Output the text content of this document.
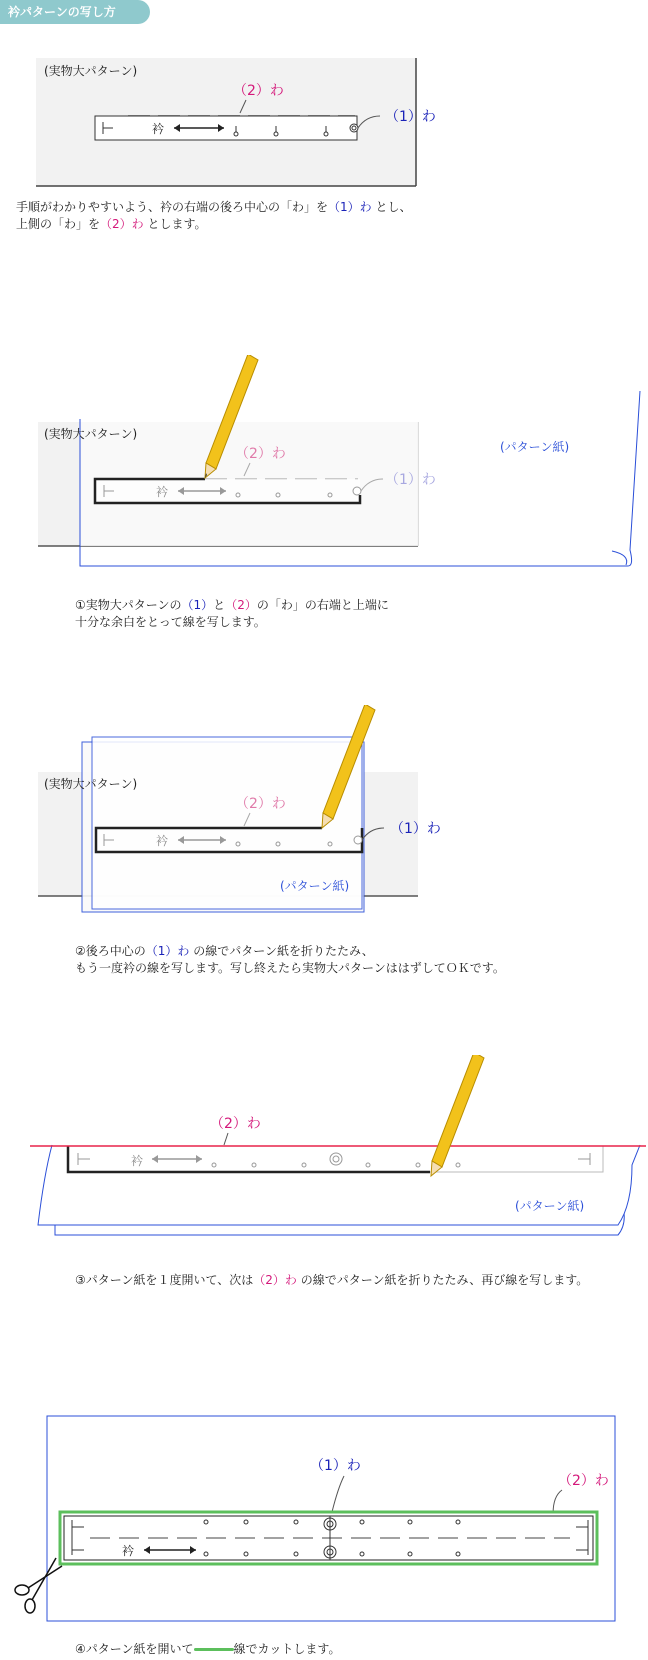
衿パターンの写し方
(実物大パターン)
（2）わ
衿
（1）わ
手順がわかりやすいよう、衿の右端の後ろ中心の「わ」を（1）わ とし、
上側の「わ」を（2）わ とします。
(実物大パターン)
(パターン紙)
（2）わ
衿
（1）わ
①実物大パターンの（1）と（2）の「わ」の右端と上端に
十分な余白をとって線を写します。
(実物大パターン)
(パターン紙)
（2）わ
衿
（1）わ
②後ろ中心の（1）わ の線でパターン紙を折りたたみ、
もう一度衿の線を写します。写し終えたら実物大パターンははずしてＯＫです。
(パターン紙)
（2）わ
衿
③パターン紙を１度開いて、次は（2）わ の線でパターン紙を折りたたみ、再び線を写します。
（1）わ
（2）わ
衿
④パターン紙を開いて	線でカットします。
